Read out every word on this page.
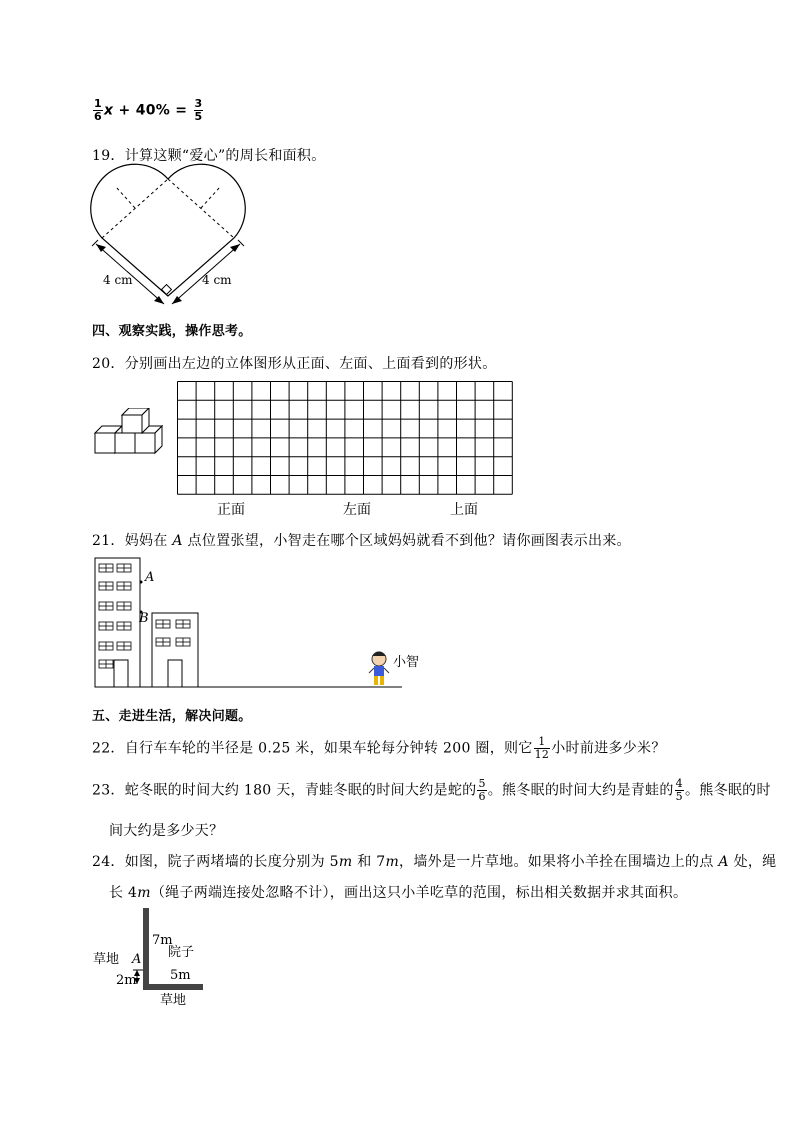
$\frac{1}{6}$ $x + 40\% = \frac{3}{5}$
19．计算这颗“爱心”的周长和面积。
4 cm	4 cm
四、观察实践，操作思考。
20．分别画出左边的立体图形从正面、左面、上面看到的形状。
正面	左面	上面
21．妈妈在 A 点位置张望，小智走在哪个区域妈妈就看不到他？请你画图表示出来。
A
B
小智
五、走进生活，解决问题。
22．自行车车轮的半径是 0.25 米，如果车轮每分钟转 200 圈，则它 $\frac{1}{12}$ 小时前进多少米？
23．蛇冬眠的时间大约 180 天，青蛙冬眠的时间大约是蛇的 $\frac{5}{6}$ 。熊冬眠的时间大约是青蛙的 $\frac{4}{5}$ 。熊冬眠的时
间大约是多少天？
24．如图，院子两堵墙的长度分别为 5m 和 7m，墙外是一片草地。如果将小羊拴在围墙边上的点 A 处，绳
长 4m（绳子两端连接处忽略不计），画出这只小羊吃草的范围，标出相关数据并求其面积。
7m
院子
草地 A
5m
2m
草地
